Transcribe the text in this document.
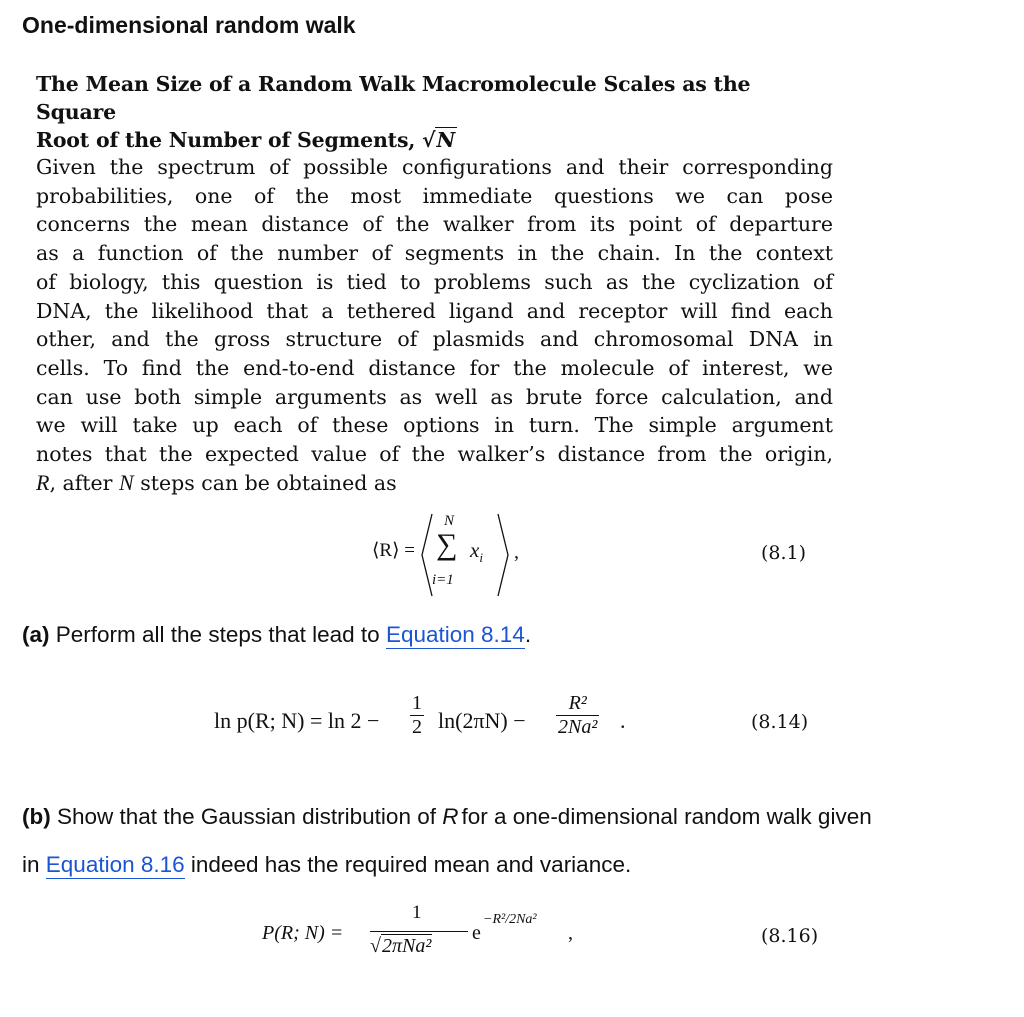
One-dimensional random walk
The Mean Size of a Random Walk Macromolecule Scales as the Square
Root of the Number of Segments, √N
Given the spectrum of possible configurations and their corresponding
probabilities, one of the most immediate questions we can pose
concerns the mean distance of the walker from its point of departure
as a function of the number of segments in the chain. In the context
of biology, this question is tied to problems such as the cyclization of
DNA, the likelihood that a tethered ligand and receptor will find each
other, and the gross structure of plasmids and chromosomal DNA in
cells. To find the end-to-end distance for the molecule of interest, we
can use both simple arguments as well as brute force calculation, and
we will take up each of these options in turn. The simple argument
notes that the expected value of the walker’s distance from the origin,
R, after N steps can be obtained as
⟨R⟩ =
N
∑
i=1
$x_i$ ,	(8.1)
(a) Perform all the steps that lead to Equation 8.14.
ln p(R; $N) = \ln 2 - \frac{1}{2} \ln(2\pi N) - \frac{\text{R²}}{\text{2Na²}}$ .	(8.14)
(b) Show that the Gaussian distribution of R for a one-dimensional random walk given
in Equation 8.16 indeed has the required mean and variance.
P(R; N) =
1
√2πNa²
e
−R²/2Na²
,	(8.16)
